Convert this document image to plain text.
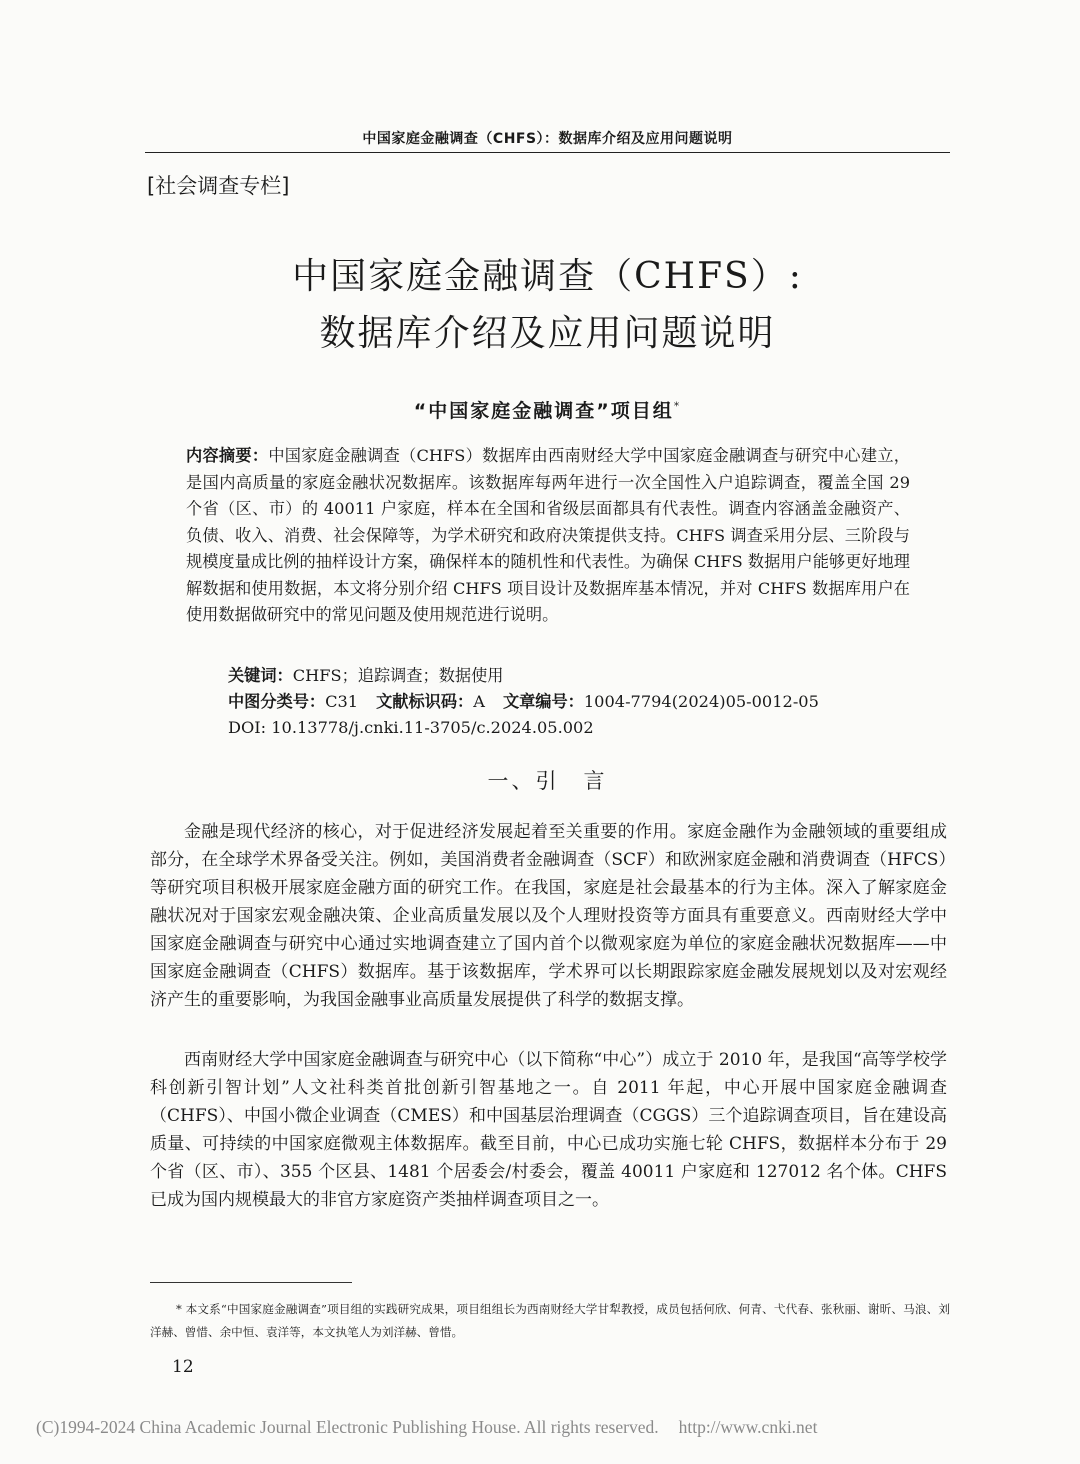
中国家庭金融调查（CHFS）：数据库介绍及应用问题说明
[社会调查专栏]
中国家庭金融调查（CHFS）:
数据库介绍及应用问题说明
“中国家庭金融调查”项目组*
内容摘要：中国家庭金融调查（CHFS）数据库由西南财经大学中国家庭金融调查与研究中心建立，是国内高质量的家庭金融状况数据库。该数据库每两年进行一次全国性入户追踪调查，覆盖全国 29 个省（区、市）的 40011 户家庭，样本在全国和省级层面都具有代表性。调查内容涵盖金融资产、负债、收入、消费、社会保障等，为学术研究和政府决策提供支持。CHFS 调查采用分层、三阶段与规模度量成比例的抽样设计方案，确保样本的随机性和代表性。为确保 CHFS 数据用户能够更好地理解数据和使用数据，本文将分别介绍 CHFS 项目设计及数据库基本情况，并对 CHFS 数据库用户在使用数据做研究中的常见问题及使用规范进行说明。
关键词：CHFS；追踪调查；数据使用
中图分类号：C31 文献标识码：A 文章编号：1004-7794(2024)05-0012-05
DOI: 10.13778/j.cnki.11-3705/c.2024.05.002
一、引　言
金融是现代经济的核心，对于促进经济发展起着至关重要的作用。家庭金融作为金融领域的重要组成部分，在全球学术界备受关注。例如，美国消费者金融调查（SCF）和欧洲家庭金融和消费调查（HFCS）等研究项目积极开展家庭金融方面的研究工作。在我国，家庭是社会最基本的行为主体。深入了解家庭金融状况对于国家宏观金融决策、企业高质量发展以及个人理财投资等方面具有重要意义。西南财经大学中国家庭金融调查与研究中心通过实地调查建立了国内首个以微观家庭为单位的家庭金融状况数据库——中国家庭金融调查（CHFS）数据库。基于该数据库，学术界可以长期跟踪家庭金融发展规划以及对宏观经济产生的重要影响，为我国金融事业高质量发展提供了科学的数据支撑。
西南财经大学中国家庭金融调查与研究中心（以下简称“中心”）成立于 2010 年，是我国“高等学校学科创新引智计划”人文社科类首批创新引智基地之一。自 2011 年起，中心开展中国家庭金融调查（CHFS）、中国小微企业调查（CMES）和中国基层治理调查（CGGS）三个追踪调查项目，旨在建设高质量、可持续的中国家庭微观主体数据库。截至目前，中心已成功实施七轮 CHFS，数据样本分布于 29 个省（区、市）、355 个区县、1481 个居委会/村委会，覆盖 40011 户家庭和 127012 名个体。CHFS 已成为国内规模最大的非官方家庭资产类抽样调查项目之一。
* 本文系“中国家庭金融调查”项目组的实践研究成果，项目组组长为西南财经大学甘犁教授，成员包括何欣、何青、弋代春、张秋丽、谢昕、马浪、刘洋赫、曾惜、余中恒、袁洋等，本文执笔人为刘洋赫、曾惜。
12
(C)1994-2024 China Academic Journal Electronic Publishing House. All rights reserved. http://www.cnki.net
